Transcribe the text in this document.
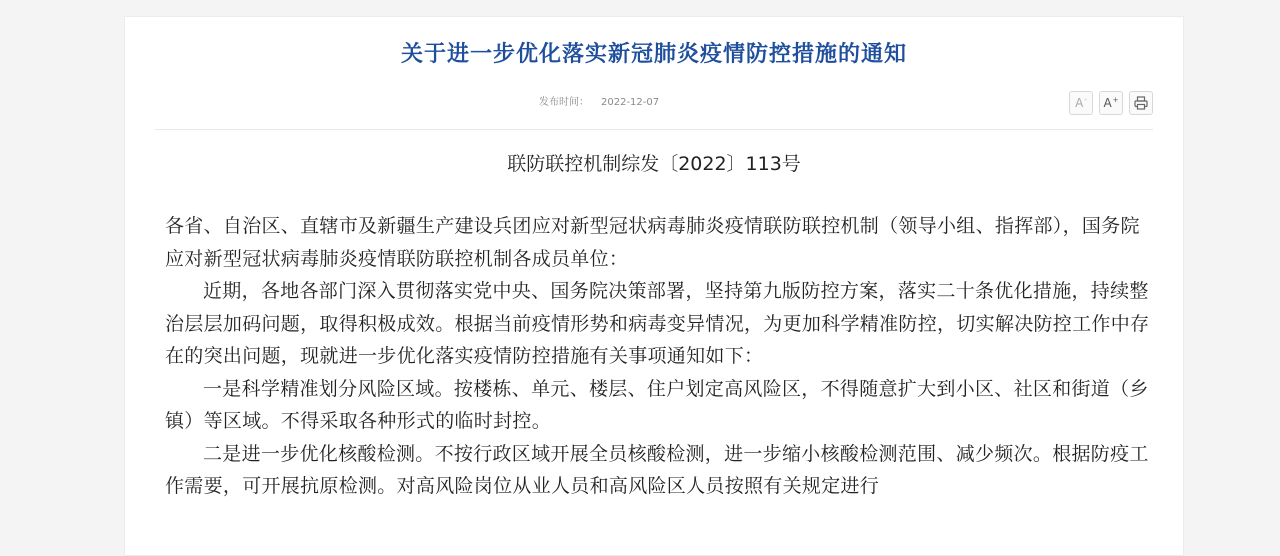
关于进一步优化落实新冠肺炎疫情防控措施的通知
发布时间： 2022-12-07	A- A+
联防联控机制综发〔2022〕113号

各省、自治区、直辖市及新疆生产建设兵团应对新型冠状病毒肺炎疫情联防联控机制（领导小组、指挥部），国务院应对新型冠状病毒肺炎疫情联防联控机制各成员单位：

近期，各地各部门深入贯彻落实党中央、国务院决策部署，坚持第九版防控方案，落实二十条优化措施，持续整治层层加码问题，取得积极成效。根据当前疫情形势和病毒变异情况，为更加科学精准防控，切实解决防控工作中存在的突出问题，现就进一步优化落实疫情防控措施有关事项通知如下：

一是科学精准划分风险区域。按楼栋、单元、楼层、住户划定高风险区，不得随意扩大到小区、社区和街道（乡镇）等区域。不得采取各种形式的临时封控。

二是进一步优化核酸检测。不按行政区域开展全员核酸检测，进一步缩小核酸检测范围、减少频次。根据防疫工作需要，可开展抗原检测。对高风险岗位从业人员和高风险区人员按照有关规定进行
